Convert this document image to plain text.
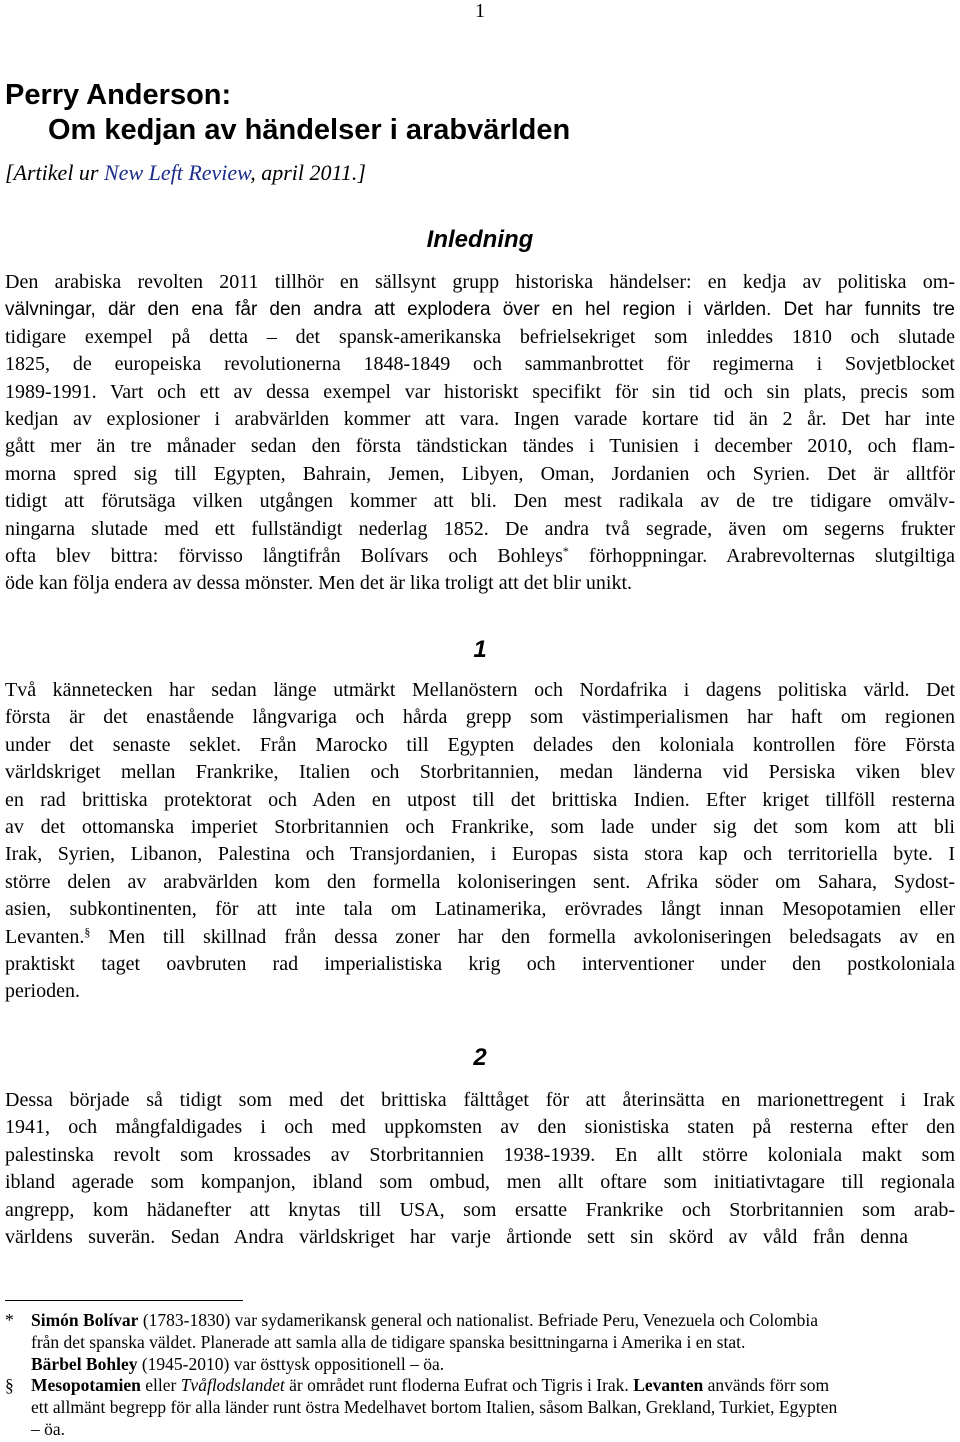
1
Perry Anderson:
Om kedjan av händelser i arabvärlden
[Artikel ur New Left Review, april 2011.]
Inledning
Den arabiska revolten 2011 tillhör en sällsynt grupp historiska händelser: en kedja av politiska om-
välvningar, där den ena får den andra att explodera över en hel region i världen. Det har funnits tre
tidigare exempel på detta – det spansk-amerikanska befrielsekriget som inleddes 1810 och slutade
1825, de europeiska revolutionerna 1848-1849 och sammanbrottet för regimerna i Sovjetblocket
1989-1991. Vart och ett av dessa exempel var historiskt specifikt för sin tid och sin plats, precis som
kedjan av explosioner i arabvärlden kommer att vara. Ingen varade kortare tid än 2 år. Det har inte
gått mer än tre månader sedan den första tändstickan tändes i Tunisien i december 2010, och flam-
morna spred sig till Egypten, Bahrain, Jemen, Libyen, Oman, Jordanien och Syrien. Det är alltför
tidigt att förutsäga vilken utgången kommer att bli. Den mest radikala av de tre tidigare omvälv-
ningarna slutade med ett fullständigt nederlag 1852. De andra två segrade, även om segerns frukter
ofta blev bittra: förvisso långtifrån Bolívars och Bohleys* förhoppningar. Arabrevolternas slutgiltiga
öde kan följa endera av dessa mönster. Men det är lika troligt att det blir unikt.
1
Två kännetecken har sedan länge utmärkt Mellanöstern och Nordafrika i dagens politiska värld. Det
första är det enastående långvariga och hårda grepp som västimperialismen har haft om regionen
under det senaste seklet. Från Marocko till Egypten delades den koloniala kontrollen före Första
världskriget mellan Frankrike, Italien och Storbritannien, medan länderna vid Persiska viken blev
en rad brittiska protektorat och Aden en utpost till det brittiska Indien. Efter kriget tillföll resterna
av det ottomanska imperiet Storbritannien och Frankrike, som lade under sig det som kom att bli
Irak, Syrien, Libanon, Palestina och Transjordanien, i Europas sista stora kap och territoriella byte. I
större delen av arabvärlden kom den formella koloniseringen sent. Afrika söder om Sahara, Sydost-
asien, subkontinenten, för att inte tala om Latinamerika, erövrades långt innan Mesopotamien eller
Levanten.§ Men till skillnad från dessa zoner har den formella avkoloniseringen beledsagats av en
praktiskt taget oavbruten rad imperialistiska krig och interventioner under den postkoloniala
perioden.
2
Dessa började så tidigt som med det brittiska fälttåget för att återinsätta en marionettregent i Irak
1941, och mångfaldigades i och med uppkomsten av den sionistiska staten på resterna efter den
palestinska revolt som krossades av Storbritannien 1938-1939. En allt större koloniala makt som
ibland agerade som kompanjon, ibland som ombud, men allt oftare som initiativtagare till regionala
angrepp, kom hädanefter att knytas till USA, som ersatte Frankrike och Storbritannien som arab-
världens suverän. Sedan Andra världskriget har varje årtionde sett sin skörd av våld från denna
* Simón Bolívar (1783-1830) var sydamerikansk general och nationalist. Befriade Peru, Venezuela och Colombia
från det spanska väldet. Planerade att samla alla de tidigare spanska besittningarna i Amerika i en stat.
Bärbel Bohley (1945-2010) var östtysk oppositionell – öa.
§ Mesopotamien eller Tvåflodslandet är området runt floderna Eufrat och Tigris i Irak. Levanten används förr som
ett allmänt begrepp för alla länder runt östra Medelhavet bortom Italien, såsom Balkan, Grekland, Turkiet, Egypten
– öa.
